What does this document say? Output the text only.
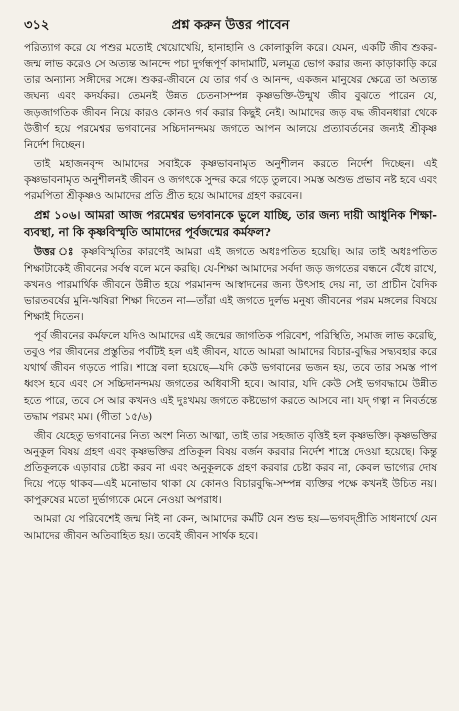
৩১২	প্রশ্ন করুন উত্তর পাবেন

পরিত্যাগ করে যে পশুর মতোই খেয়োখেয়ি, হানাহানি ও কোলাকুলি করে। যেমন, একটি জীব শুকর-জন্ম লাভ করেও সে অত্যন্ত আনন্দে পচা দুর্গন্ধপূর্ণ কাদামাটি, মলমূত্র ভোগ করার জন্য কাড়াকাড়ি করে তার অন্যান্য সঙ্গীদের সঙ্গে। শুকর-জীবনে যে তার গর্ব ও আনন্দ, একজন মানুষের ক্ষেত্রে তা অত্যন্ত জঘন্য এবং কদর্যকর। তেমনই উন্নত চেতনাসম্পন্ন কৃষ্ণভক্তি-উন্মুখ জীব বুঝতে পারেন যে, জড়জাগতিক জীবন নিয়ে কারও কোনও গর্ব করার কিছুই নেই। আমাদের জড় বদ্ধ জীবনধারা থেকে উত্তীর্ণ হয়ে পরমেশ্বর ভগবানের সচ্চিদানন্দময় জগতে আপন আলয়ে প্রত্যাবর্তনের জন্যই শ্রীকৃষ্ণ নির্দেশ দিচ্ছেন।

তাই মহাজনবৃন্দ আমাদের সবাইকে কৃষ্ণভাবনামৃত অনুশীলন করতে নির্দেশ দিচ্ছেন। এই কৃষ্ণভাবনামৃত অনুশীলনই জীবন ও জগৎকে সুন্দর করে গড়ে তুলবে। সমস্ত অশুভ প্রভাব নষ্ট হবে এবং পরমপিতা শ্রীকৃষ্ণও আমাদের প্রতি প্রীত হয়ে আমাদের গ্রহণ করবেন।

প্রশ্ন ১০৬। আমরা আজ পরমেশ্বর ভগবানকে ভুলে যাচ্ছি, তার জন্য দায়ী আধুনিক শিক্ষা-ব্যবস্থা, না কি কৃষ্ণবিস্মৃতি আমাদের পূর্বজন্মের কর্মফল?

উত্তর ঃ কৃষ্ণবিস্মৃতির কারণেই আমরা এই জগতে অধঃপতিত হয়েছি। আর তাই অধঃপতিত শিক্ষাটাকেই জীবনের সর্বস্ব বলে মনে করছি। যে-শিক্ষা আমাদের সর্বদা জড় জগতের বন্ধনে বেঁধে রাখে, কখনও পারমার্থিক জীবনে উন্নীত হয়ে পরমানন্দ আস্বাদনের জন্য উৎসাহ দেয় না, তা প্রাচীন বৈদিক ভারতবর্ষের মুনি-ঋষিরা শিক্ষা দিতেন না—তাঁরা এই জগতে দুর্লভ মনুষ্য জীবনের পরম মঙ্গলের বিষয়ে শিক্ষাই দিতেন।

পূর্ব জীবনের কর্মফলে যদিও আমাদের এই জন্মের জাগতিক পরিবেশ, পরিস্থিতি, সমাজ লাভ করেছি, তবুও পর জীবনের প্রস্তুতির পর্বটিই হল এই জীবন, যাতে আমরা আমাদের বিচার-বুদ্ধির সদ্ব্যবহার করে যথার্থ জীবন গড়তে পারি। শাস্ত্রে বলা হয়েছে—যদি কেউ ভগবানের ভজন হয়, তবে তার সমস্ত পাপ ধ্বংস হবে এবং সে সচ্চিদানন্দময় জগতের অধিবাসী হবে। আবার, যদি কেউ সেই ভগবদ্ধামে উন্নীত হতে পারে, তবে সে আর কখনও এই দুঃখময় জগতে কষ্টভোগ করতে আসবে না। যদ্ গত্বা ন নিবর্তন্তে তদ্ধাম পরমং মম। (গীতা ১৫/৬)

জীব যেহেতু ভগবানের নিত্য অংশ নিত্য আত্মা, তাই তার সহজাত বৃত্তিই হল কৃষ্ণভক্তি। কৃষ্ণভক্তির অনুকূল বিষয় গ্রহণ এবং কৃষ্ণভক্তির প্রতিকূল বিষয় বর্জন করবার নির্দেশ শাস্ত্রে দেওয়া হয়েছে। কিন্তু প্রতিকূলকে এড়াবার চেষ্টা করব না এবং অনুকূলকে গ্রহণ করবার চেষ্টা করব না, কেবল ভাগ্যের দোষ দিয়ে পড়ে থাকব—এই মনোভাব থাকা যে কোনও বিচারবুদ্ধি-সম্পন্ন ব্যক্তির পক্ষে কখনই উচিত নয়। কাপুরুষের মতো দুর্ভাগ্যকে মেনে নেওয়া অপরাধ।

আমরা যে পরিবেশেই জন্ম নিই না কেন, আমাদের কর্মটি যেন শুভ হয়—ভগবদ্প্রীতি সাধনার্থে যেন আমাদের জীবন অতিবাহিত হয়। তবেই জীবন সার্থক হবে।
